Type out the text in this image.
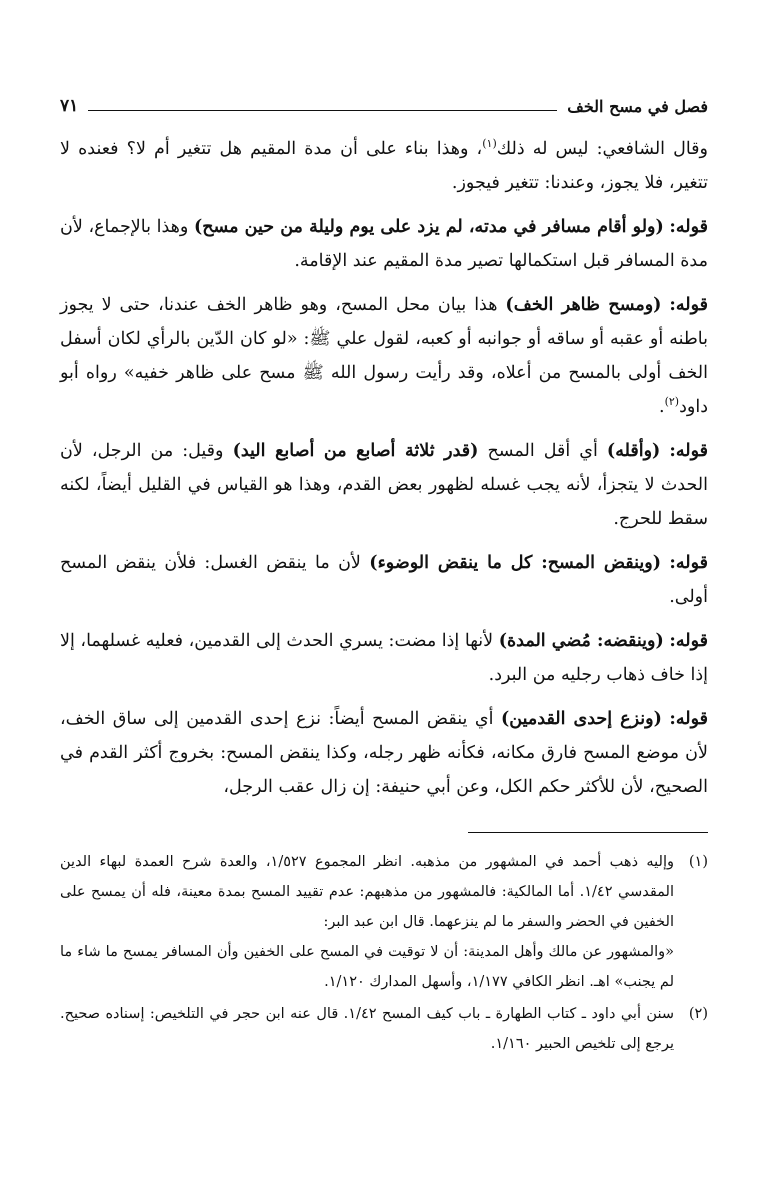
فصل في مسح الخف
٧١

وقال الشافعي: ليس له ذلك$^{(١)}$، وهذا بناء على أن مدة المقيم هل تتغير أم لا؟ فعنده لا تتغير، فلا يجوز، وعندنا: تتغير فيجوز.

قوله: (ولو أقام مسافر في مدته، لم يزد على يوم وليلة من حين مسح) وهذا بالإجماع، لأن مدة المسافر قبل استكمالها تصير مدة المقيم عند الإقامة.

قوله: (ومسح ظاهر الخف) هذا بيان محل المسح، وهو ظاهر الخف عندنا، حتى لا يجوز باطنه أو عقبه أو ساقه أو جوانبه أو كعبه، لقول علي ﷺ: «لو كان الدّين بالرأي لكان أسفل الخف أولى بالمسح من أعلاه، وقد رأيت رسول الله ﷺ مسح على ظاهر خفيه» رواه أبو داود$^{(٢)}$.

قوله: (وأقله) أي أقل المسح (قدر ثلاثة أصابع من أصابع اليد) وقيل: من الرجل، لأن الحدث لا يتجزأ، لأنه يجب غسله لظهور بعض القدم، وهذا هو القياس في القليل أيضاً، لكنه سقط للحرج.

قوله: (وينقض المسح: كل ما ينقض الوضوء) لأن ما ينقض الغسل: فلأن ينقض المسح أولى.

قوله: (وينقضه: مُضي المدة) لأنها إذا مضت: يسري الحدث إلى القدمين، فعليه غسلهما، إلا إذا خاف ذهاب رجليه من البرد.

قوله: (ونزع إحدى القدمين) أي ينقض المسح أيضاً: نزع إحدى القدمين إلى ساق الخف، لأن موضع المسح فارق مكانه، فكأنه ظهر رجله، وكذا ينقض المسح: بخروج أكثر القدم في الصحيح، لأن للأكثر حكم الكل، وعن أبي حنيفة: إن زال عقب الرجل،

(١)

وإليه ذهب أحمد في المشهور من مذهبه. انظر المجموع ١/٥٢٧، والعدة شرح العمدة لبهاء الدين المقدسي ١/٤٢. أما المالكية: فالمشهور من مذهبهم: عدم تقييد المسح بمدة معينة، فله أن يمسح على الخفين في الحضر والسفر ما لم ينزعهما. قال ابن عبد البر:

«والمشهور عن مالك وأهل المدينة: أن لا توقيت في المسح على الخفين وأن المسافر يمسح ما شاء ما لم يجنب» اهـ. انظر الكافي ١/١٧٧، وأسهل المدارك ١/١٢٠.

(٢)

سنن أبي داود ـ كتاب الطهارة ـ باب كيف المسح ١/٤٢. قال عنه ابن حجر في التلخيص: إسناده صحيح. يرجع إلى تلخيص الحبير ١/١٦٠.
